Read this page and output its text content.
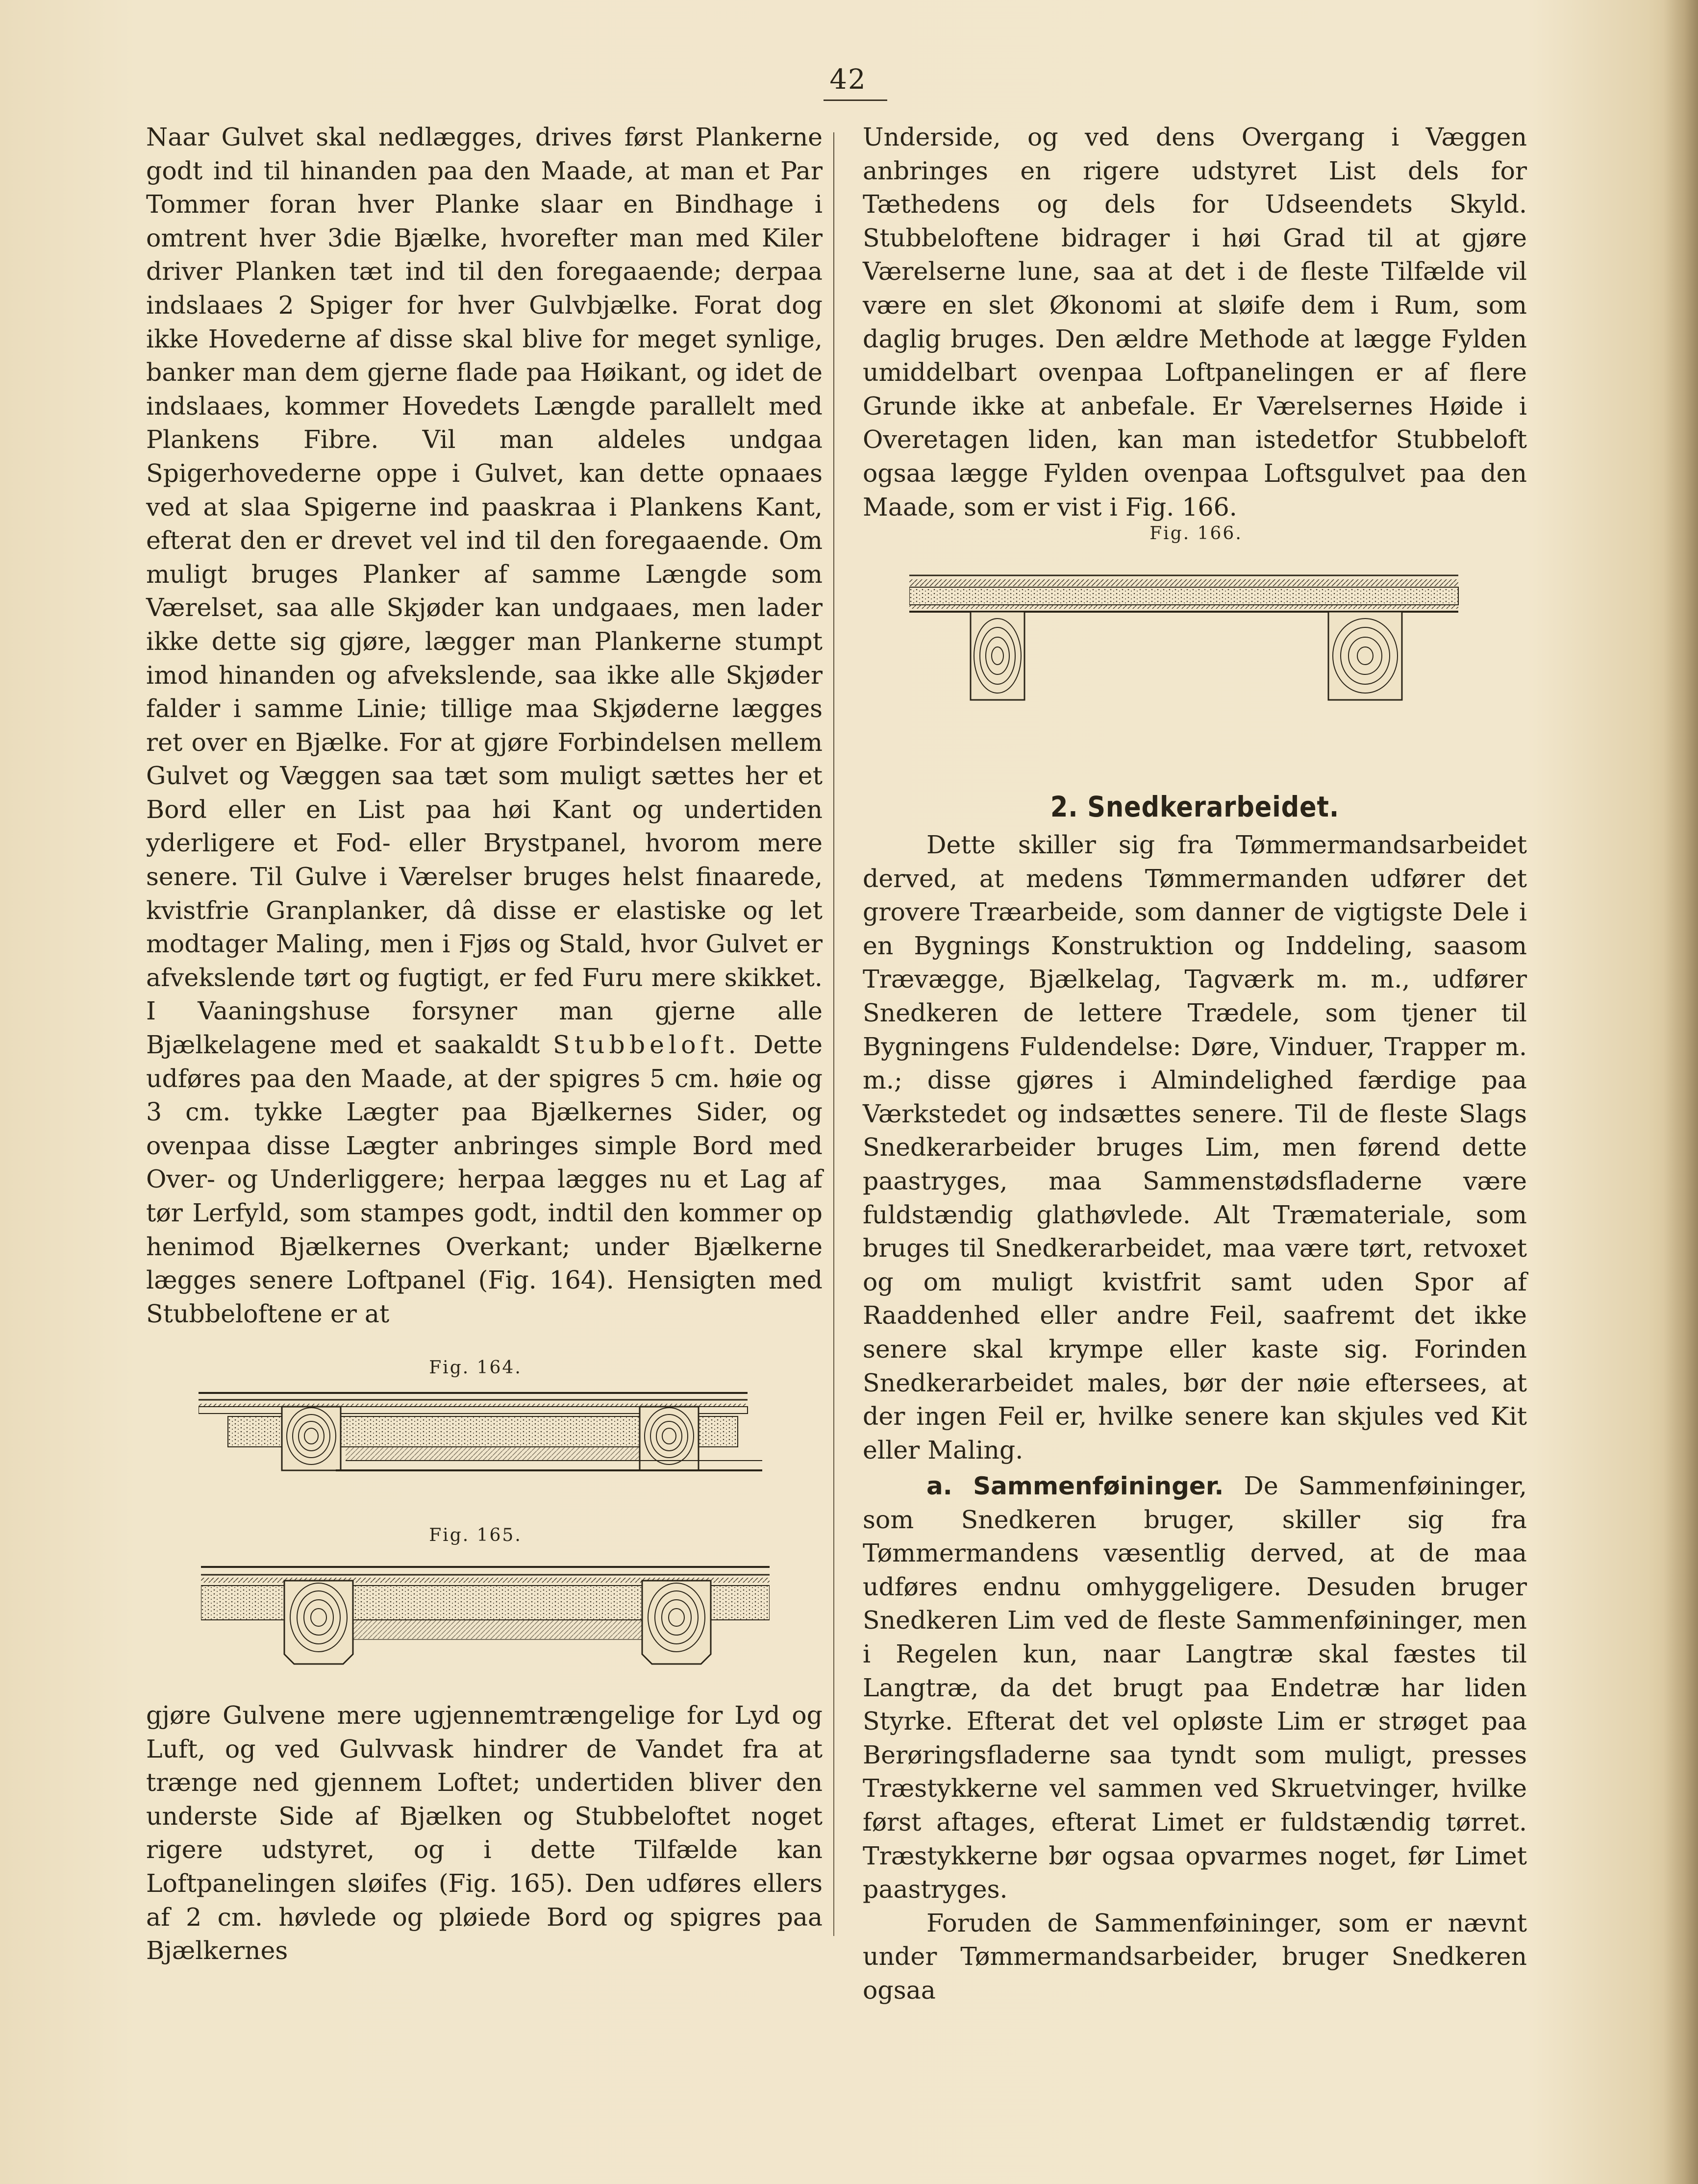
42

Naar Gulvet skal nedlægges, drives først Plankerne godt ind til hinanden paa den Maade, at man et Par Tommer foran hver Planke slaar en Bindhage i omtrent hver 3die Bjælke, hvorefter man med Kiler driver Planken tæt ind til den foregaaende; derpaa indslaaes 2 Spiger for hver Gulvbjælke. Forat dog ikke Hovederne af disse skal blive for meget synlige, banker man dem gjerne flade paa Høikant, og idet de indslaaes, kommer Hovedets Længde parallelt med Plankens Fibre. Vil man aldeles undgaa Spigerhovederne oppe i Gulvet, kan dette opnaaes ved at slaa Spigerne ind paaskraa i Plankens Kant, efterat den er drevet vel ind til den foregaaende. Om muligt bruges Planker af samme Længde som Værelset, saa alle Skjøder kan undgaaes, men lader ikke dette sig gjøre, lægger man Plankerne stumpt imod hinanden og afvekslende, saa ikke alle Skjøder falder i samme Linie; tillige maa Skjøderne lægges ret over en Bjælke. For at gjøre Forbindelsen mellem Gulvet og Væggen saa tæt som muligt sættes her et Bord eller en List paa høi Kant og undertiden yderligere et Fod- eller Brystpanel, hvorom mere senere. Til Gulve i Værelser bruges helst finaarede, kvistfrie Granplanker, dâ disse er elastiske og let modtager Maling, men i Fjøs og Stald, hvor Gulvet er afvekslende tørt og fugtigt, er fed Furu mere skikket. I Vaaningshuse forsyner man gjerne alle Bjælkelagene med et saakaldt Stubbeloft. Dette udføres paa den Maade, at der spigres 5 cm. høie og 3 cm. tykke Lægter paa Bjælkernes Sider, og ovenpaa disse Lægter anbringes simple Bord med Over- og Underliggere; herpaa lægges nu et Lag af tør Lerfyld, som stampes godt, indtil den kommer op henimod Bjælkernes Overkant; under Bjælkerne lægges senere Loftpanel (Fig. 164). Hensigten med Stubbeloftene er at

Fig. 164.
Fig. 165.

gjøre Gulvene mere ugjennemtrængelige for Lyd og Luft, og ved Gulvvask hindrer de Vandet fra at trænge ned gjennem Loftet; undertiden bliver den underste Side af Bjælken og Stubbeloftet noget rigere udstyret, og i dette Tilfælde kan Loftpanelingen sløifes (Fig. 165). Den udføres ellers af 2 cm. høvlede og pløiede Bord og spigres paa Bjælkernes

Underside, og ved dens Overgang i Væggen anbringes en rigere udstyret List dels for Tæthedens og dels for Udseendets Skyld. Stubbeloftene bidrager i høi Grad til at gjøre Værelserne lune, saa at det i de fleste Tilfælde vil være en slet Økonomi at sløife dem i Rum, som daglig bruges. Den ældre Methode at lægge Fylden umiddelbart ovenpaa Loftpanelingen er af flere Grunde ikke at anbefale. Er Værelsernes Høide i Overetagen liden, kan man istedetfor Stubbeloft ogsaa lægge Fylden ovenpaa Loftsgulvet paa den Maade, som er vist i Fig. 166.

Fig. 166.
2. Snedkerarbeidet.

Dette skiller sig fra Tømmermandsarbeidet derved, at medens Tømmermanden udfører det grovere Træarbeide, som danner de vigtigste Dele i en Bygnings Konstruktion og Inddeling, saasom Trævægge, Bjælkelag, Tagværk m. m., udfører Snedkeren de lettere Trædele, som tjener til Bygningens Fuldendelse: Døre, Vinduer, Trapper m. m.; disse gjøres i Almindelighed færdige paa Værkstedet og indsættes senere. Til de fleste Slags Snedkerarbeider bruges Lim, men førend dette paastryges, maa Sammenstødsfladerne være fuldstændig glathøvlede. Alt Træmateriale, som bruges til Snedkerarbeidet, maa være tørt, retvoxet og om muligt kvistfrit samt uden Spor af Raaddenhed eller andre Feil, saafremt det ikke senere skal krympe eller kaste sig. Forinden Snedkerarbeidet males, bør der nøie eftersees, at der ingen Feil er, hvilke senere kan skjules ved Kit eller Maling.

a. Sammenføininger. De Sammenføininger, som Snedkeren bruger, skiller sig fra Tømmermandens væsentlig derved, at de maa udføres endnu omhyggeligere. Desuden bruger Snedkeren Lim ved de fleste Sammenføininger, men i Regelen kun, naar Langtræ skal fæstes til Langtræ, da det brugt paa Endetræ har liden Styrke. Efterat det vel opløste Lim er strøget paa Berøringsfladerne saa tyndt som muligt, presses Træstykkerne vel sammen ved Skruetvinger, hvilke først aftages, efterat Limet er fuldstændig tørret. Træstykkerne bør ogsaa opvarmes noget, før Limet paastryges.

Foruden de Sammenføininger, som er nævnt under Tømmermandsarbeider, bruger Snedkeren ogsaa
